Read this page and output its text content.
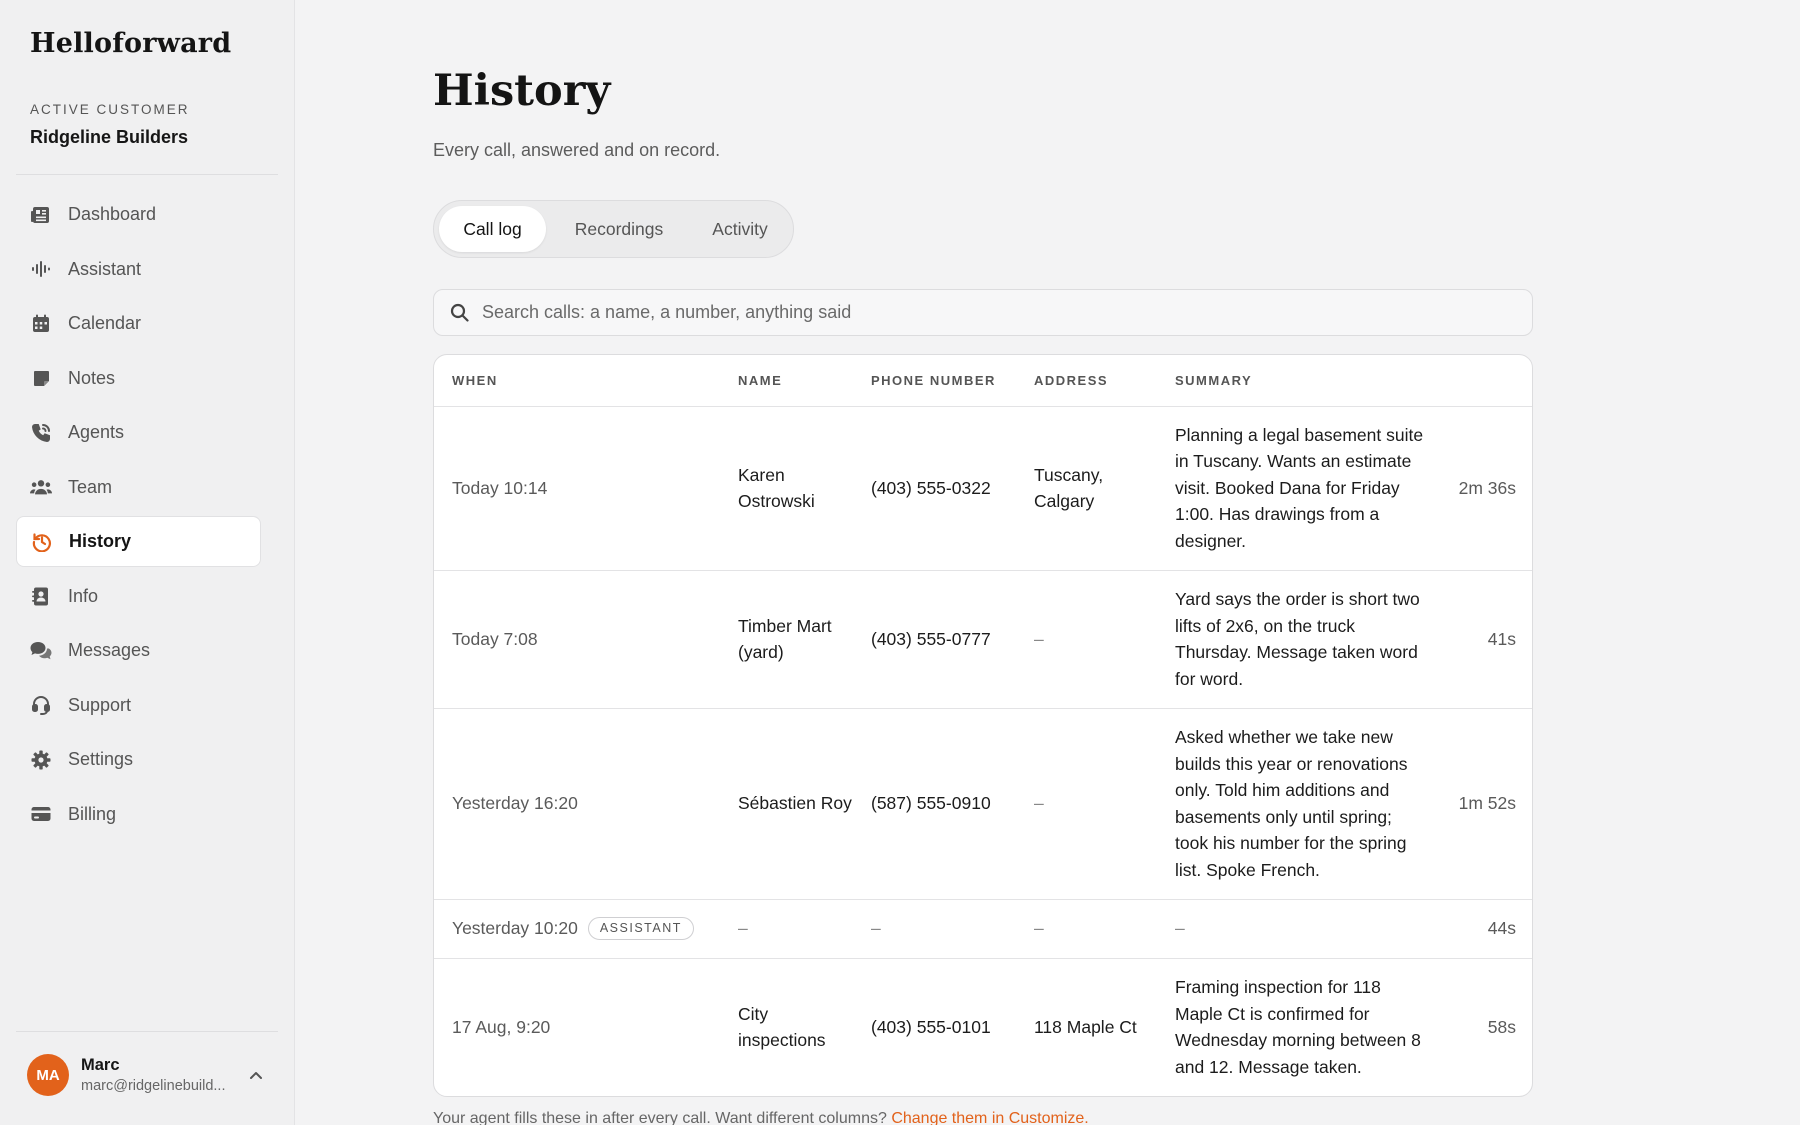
Helloforward
ACTIVE CUSTOMER
Ridgeline Builders
Dashboard
Assistant
Calendar
Notes
Agents
Team
History
Info
Messages
Support
Settings
Billing
MA
Marc
marc@ridgelinebuild...
History

Every call, answered and on record.

Call log	Recordings	Activity
Search calls: a name, a number, anything said
WHEN	NAME	PHONE NUMBER	ADDRESS	SUMMARY	
Today 10:14	Karen Ostrowski	(403) 555-0322	Tuscany, Calgary	Planning a legal basement suite in Tuscany. Wants an estimate visit. Booked Dana for Friday 1:00. Has drawings from a designer.	2m 36s
Today 7:08	Timber Mart (yard)	(403) 555-0777	–	Yard says the order is short two lifts of 2x6, on the truck Thursday. Message taken word for word.	41s
Yesterday 16:20	Sébastien Roy	(587) 555-0910	–	Asked whether we take new builds this year or renovations only. Told him additions and basements only until spring; took his number for the spring list. Spoke French.	1m 52s
Yesterday 10:20 ASSISTANT	–	–	–	–	44s
17 Aug, 9:20	City inspections	(403) 555-0101	118 Maple Ct	Framing inspection for 118 Maple Ct is confirmed for Wednesday morning between 8 and 12. Message taken.	58s

Your agent fills these in after every call. Want different columns? Change them in Customize.
